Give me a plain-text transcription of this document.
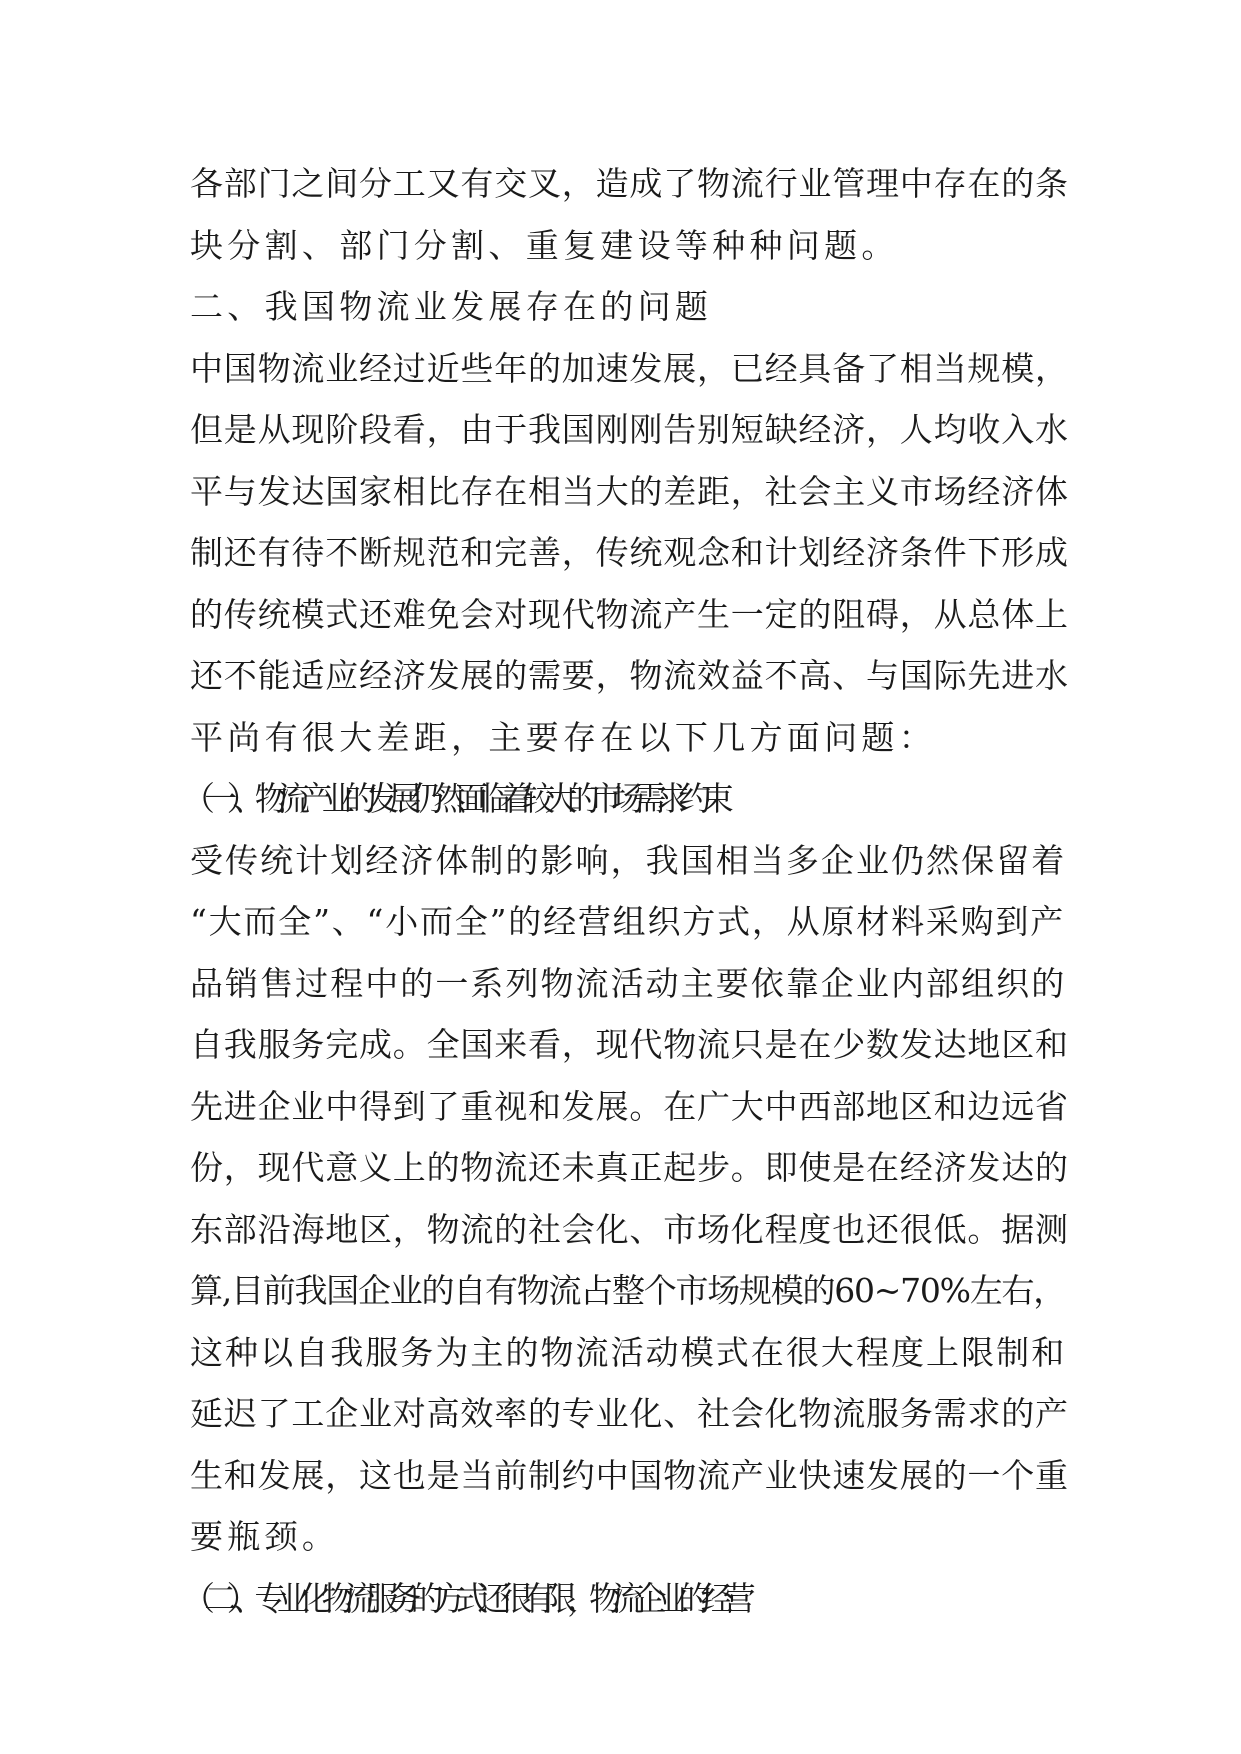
各部门之间分工又有交叉，造成了物流行业管理中存在的条
块分割、部门分割、重复建设等种种问题。
二、我国物流业发展存在的问题
中国物流业经过近些年的加速发展，已经具备了相当规模，
但是从现阶段看，由于我国刚刚告别短缺经济，人均收入水
平与发达国家相比存在相当大的差距，社会主义市场经济体
制还有待不断规范和完善，传统观念和计划经济条件下形成
的传统模式还难免会对现代物流产生一定的阻碍，从总体上
还不能适应经济发展的需要，物流效益不高、与国际先进水
平尚有很大差距，主要存在以下几方面问题：
（一）、物流产业的发展仍然面临着较大的市场需求约束
受传统计划经济体制的影响，我国相当多企业仍然保留着
“大而全”、“小而全”的经营组织方式，从原材料采购到产
品销售过程中的一系列物流活动主要依靠企业内部组织的
自我服务完成。全国来看，现代物流只是在少数发达地区和
先进企业中得到了重视和发展。在广大中西部地区和边远省
份，现代意义上的物流还未真正起步。即使是在经济发达的
东部沿海地区，物流的社会化、市场化程度也还很低。据测
算,目前我国企业的自有物流占整个市场规模的60~70%左右，
这种以自我服务为主的物流活动模式在很大程度上限制和
延迟了工企业对高效率的专业化、社会化物流服务需求的产
生和发展，这也是当前制约中国物流产业快速发展的一个重
要瓶颈。
（二）、 专业化物流服务的方式还很有限，物流企业的经营
